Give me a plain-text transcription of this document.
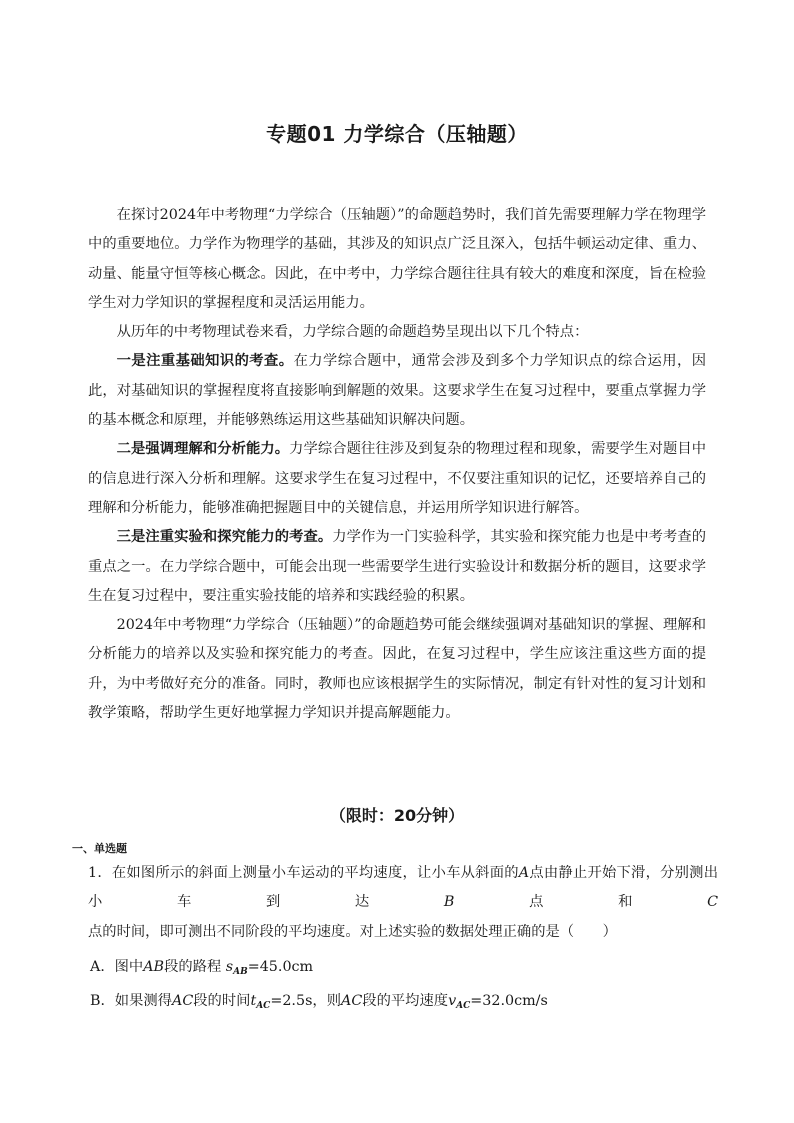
专题01 力学综合（压轴题）

在探讨2024年中考物理“力学综合（压轴题）”的命题趋势时，我们首先需要理解力学在物理学中的重要地位。力学作为物理学的基础，其涉及的知识点广泛且深入，包括牛顿运动定律、重力、动量、能量守恒等核心概念。因此，在中考中，力学综合题往往具有较大的难度和深度，旨在检验学生对力学知识的掌握程度和灵活运用能力。

从历年的中考物理试卷来看，力学综合题的命题趋势呈现出以下几个特点：

一是注重基础知识的考查。在力学综合题中，通常会涉及到多个力学知识点的综合运用，因此，对基础知识的掌握程度将直接影响到解题的效果。这要求学生在复习过程中，要重点掌握力学的基本概念和原理，并能够熟练运用这些基础知识解决问题。

二是强调理解和分析能力。力学综合题往往涉及到复杂的物理过程和现象，需要学生对题目中的信息进行深入分析和理解。这要求学生在复习过程中，不仅要注重知识的记忆，还要培养自己的理解和分析能力，能够准确把握题目中的关键信息，并运用所学知识进行解答。

三是注重实验和探究能力的考查。力学作为一门实验科学，其实验和探究能力也是中考考查的重点之一。在力学综合题中，可能会出现一些需要学生进行实验设计和数据分析的题目，这要求学生在复习过程中，要注重实验技能的培养和实践经验的积累。

2024年中考物理“力学综合（压轴题）”的命题趋势可能会继续强调对基础知识的掌握、理解和分析能力的培养以及实验和探究能力的考查。因此，在复习过程中，学生应该注重这些方面的提升，为中考做好充分的准备。同时，教师也应该根据学生的实际情况，制定有针对性的复习计划和教学策略，帮助学生更好地掌握力学知识并提高解题能力。

（限时：20分钟）
一、单选题

1．在如图所示的斜面上测量小车运动的平均速度，让小车从斜面的A点由静止开始下滑，分别测出小车到达B点和C点的时间，即可测出不同阶段的平均速度。对上述实验的数据处理正确的是（　　）

A．图中AB段的路程 $s_{AB}=45.0cm$
B．如果测得AC段的时间$t_{AC}=2.5s$，则AC段的平均速度$v_{AC}=32.0cm/s$
